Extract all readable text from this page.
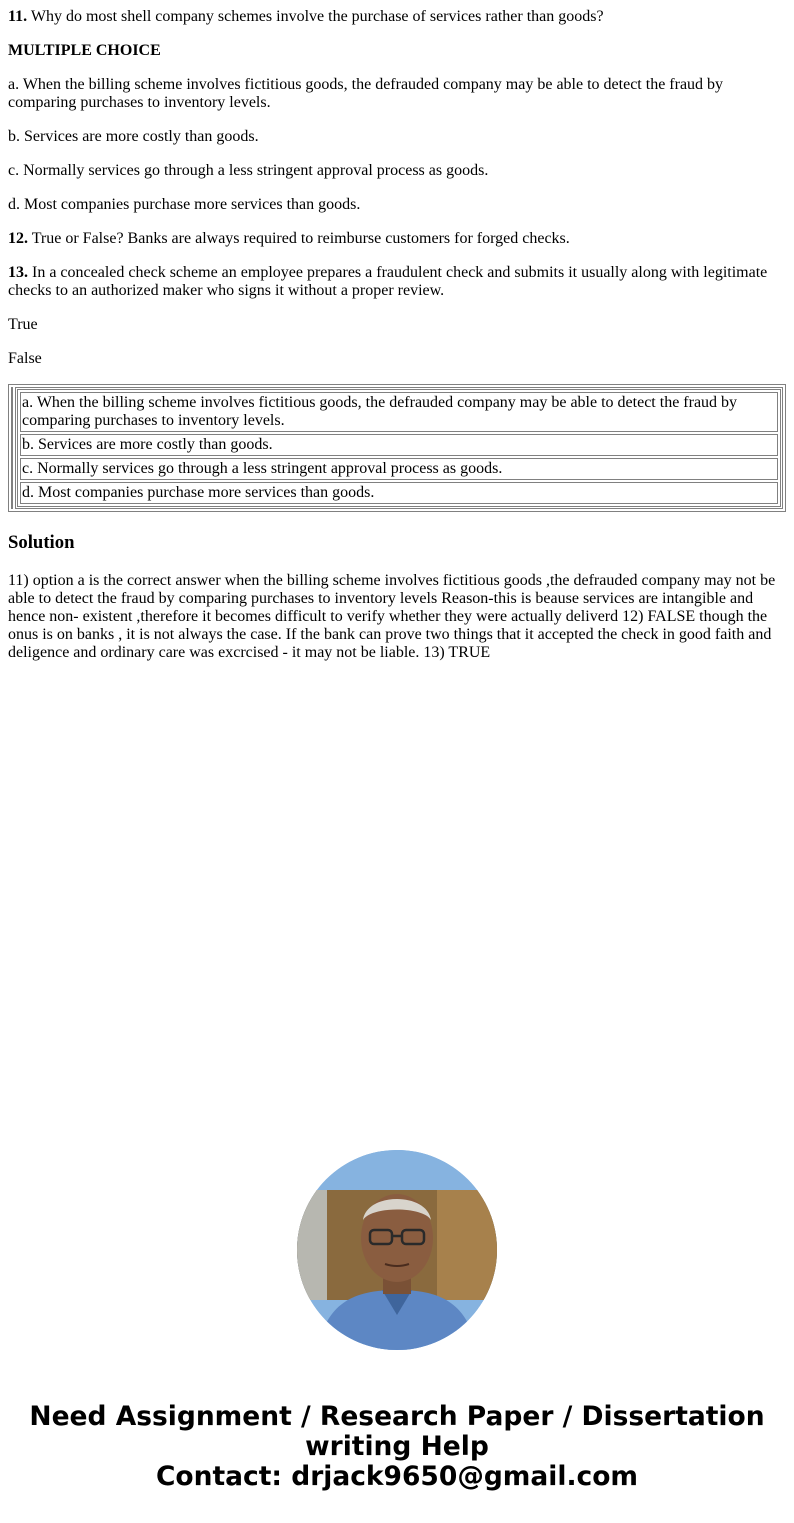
11. Why do most shell company schemes involve the purchase of services rather than goods?

MULTIPLE CHOICE

a. When the billing scheme involves fictitious goods, the defrauded company may be able to detect the fraud by comparing purchases to inventory levels.

b. Services are more costly than goods.

c. Normally services go through a less stringent approval process as goods.

d. Most companies purchase more services than goods.

12. True or False? Banks are always required to reimburse customers for forged checks.

13. In a concealed check scheme an employee prepares a fraudulent check and submits it usually along with legitimate checks to an authorized maker who signs it without a proper review.

True

False

a. When the billing scheme involves fictitious goods, the defrauded company may be able to detect the fraud by comparing purchases to inventory levels.
b. Services are more costly than goods.
c. Normally services go through a less stringent approval process as goods.
d. Most companies purchase more services than goods.
Solution

11) option a is the correct answer when the billing scheme involves fictitious goods ,the defrauded company may not be able to detect the fraud by comparing purchases to inventory levels Reason-this is beause services are intangible and hence non- existent ,therefore it becomes difficult to verify whether they were actually deliverd 12) FALSE though the onus is on banks , it is not always the case. If the bank can prove two things that it accepted the check in good faith and deligence and ordinary care was excrcised - it may not be liable. 13) TRUE

Need Assignment / Research Paper / Dissertation
writing Help
Contact: drjack9650@gmail.com
